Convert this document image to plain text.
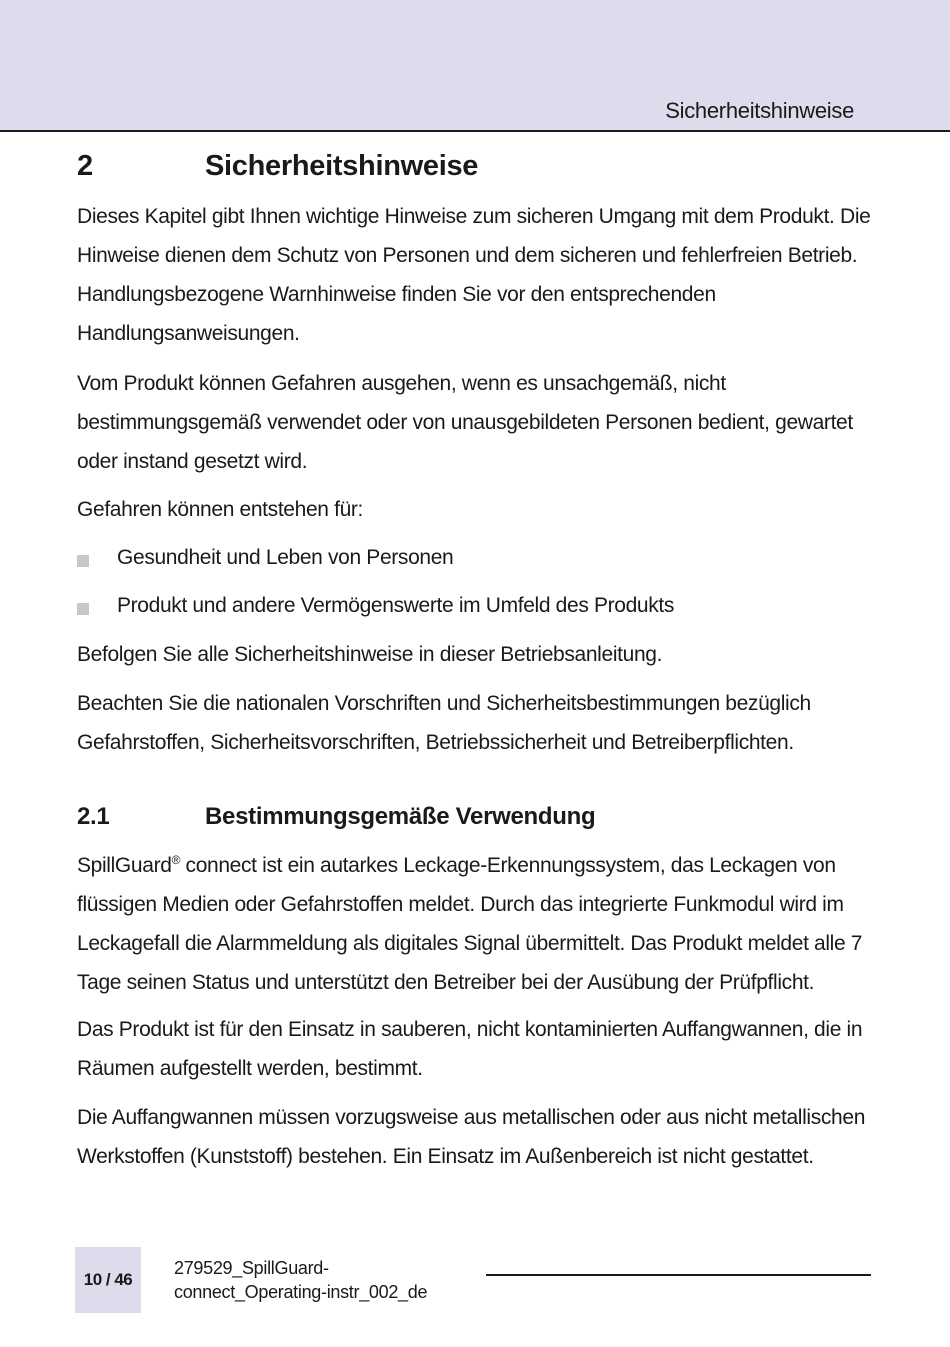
Sicherheitshinweise
2	Sicherheitshinweise

Dieses Kapitel gibt Ihnen wichtige Hinweise zum sicheren Umgang mit dem Produkt. Die Hinweise dienen dem Schutz von Personen und dem sicheren und fehlerfreien Betrieb. Handlungsbezogene Warnhinweise finden Sie vor den entsprechenden Handlungsanweisungen.

Vom Produkt können Gefahren ausgehen, wenn es unsachgemäß, nicht bestimmungsgemäß verwendet oder von unausgebildeten Personen bedient, gewartet oder instand gesetzt wird.

Gefahren können entstehen für:

Gesundheit und Leben von Personen
Produkt und andere Vermögenswerte im Umfeld des Produkts

Befolgen Sie alle Sicherheitshinweise in dieser Betriebsanleitung.

Beachten Sie die nationalen Vorschriften und Sicherheitsbestimmungen bezüglich Gefahrstoffen, Sicherheitsvorschriften, Betriebssicherheit und Betreiberpflichten.

2.1	Bestimmungsgemäße Verwendung

SpillGuard® connect ist ein autarkes Leckage-Erkennungssystem, das Leckagen von flüssigen Medien oder Gefahrstoffen meldet. Durch das integrierte Funkmodul wird im Leckagefall die Alarmmeldung als digitales Signal übermittelt. Das Produkt meldet alle 7 Tage seinen Status und unterstützt den Betreiber bei der Ausübung der Prüfpflicht.

Das Produkt ist für den Einsatz in sauberen, nicht kontaminierten Auffangwannen, die in Räumen aufgestellt werden, bestimmt.

Die Auffangwannen müssen vorzugsweise aus metallischen oder aus nicht metallischen Werkstoffen (Kunststoff) bestehen. Ein Einsatz im Außenbereich ist nicht gestattet.

10 / 46
279529_SpillGuard-
connect_Operating-instr_002_de
